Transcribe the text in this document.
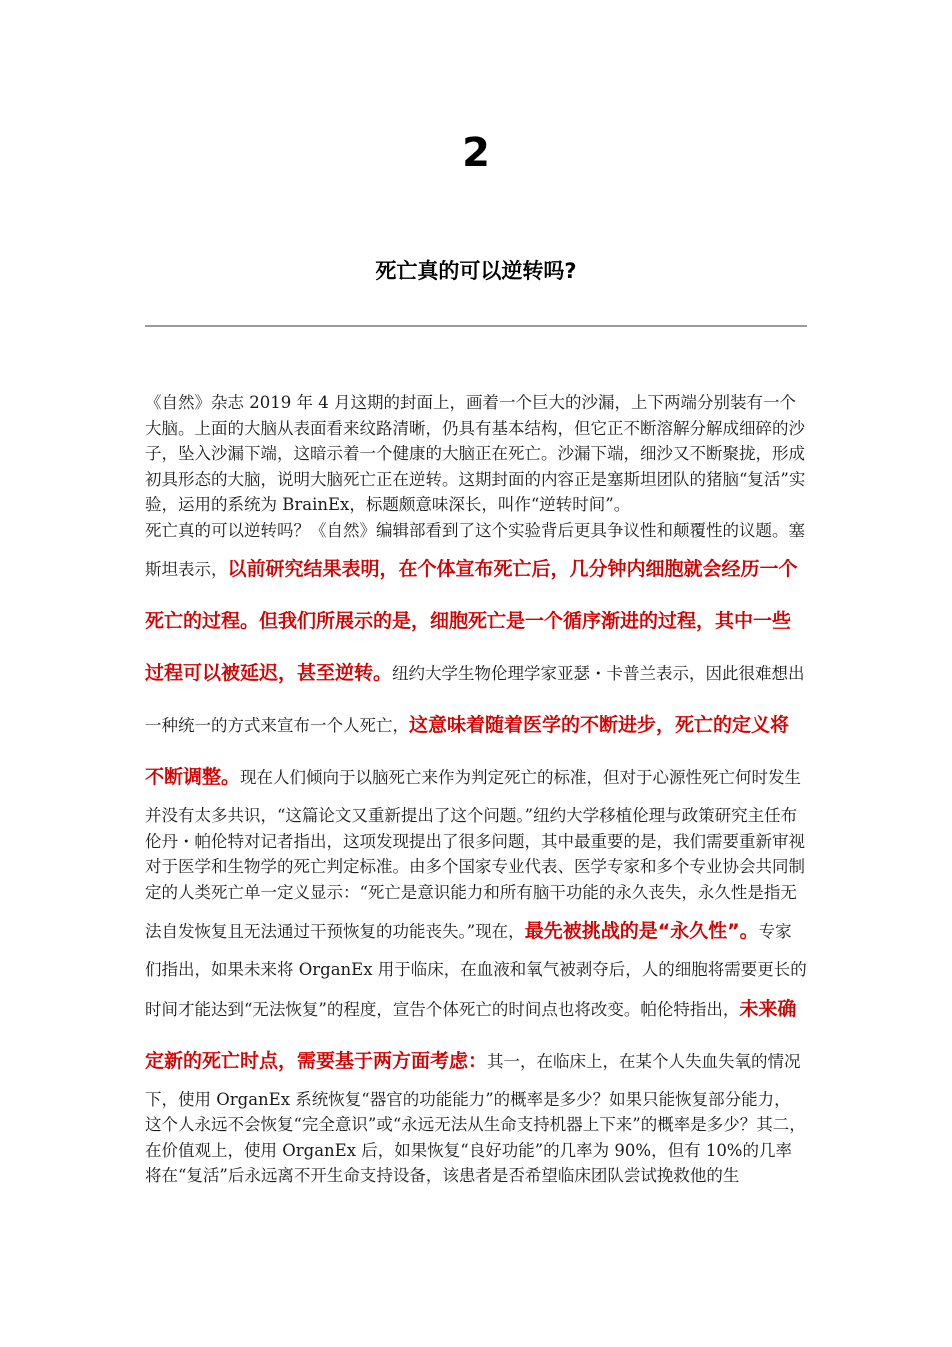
2
死亡真的可以逆转吗?

《自然》杂志 2019 年 4 月这期的封面上，画着一个巨大的沙漏，上下两端分别装有一个大脑。上面的大脑从表面看来纹路清晰，仍具有基本结构，但它正不断溶解分解成细碎的沙子，坠入沙漏下端，这暗示着一个健康的大脑正在死亡。沙漏下端，细沙又不断聚拢，形成初具形态的大脑，说明大脑死亡正在逆转。这期封面的内容正是塞斯坦团队的猪脑“复活”实验，运用的系统为 BrainEx，标题颇意味深长，叫作“逆转时间”。

死亡真的可以逆转吗？《自然》编辑部看到了这个实验背后更具争议性和颠覆性的议题。塞斯坦表示，以前研究结果表明，在个体宣布死亡后，几分钟内细胞就会经历一个死亡的过程。但我们所展示的是，细胞死亡是一个循序渐进的过程，其中一些过程可以被延迟，甚至逆转。纽约大学生物伦理学家亚瑟・卡普兰表示，因此很难想出一种统一的方式来宣布一个人死亡，这意味着随着医学的不断进步，死亡的定义将不断调整。现在人们倾向于以脑死亡来作为判定死亡的标准，但对于心源性死亡何时发生并没有太多共识，“这篇论文又重新提出了这个问题。”纽约大学移植伦理与政策研究主任布伦丹・帕伦特对记者指出，这项发现提出了很多问题，其中最重要的是，我们需要重新审视对于医学和生物学的死亡判定标准。由多个国家专业代表、医学专家和多个专业协会共同制定的人类死亡单一定义显示：“死亡是意识能力和所有脑干功能的永久丧失，永久性是指无法自发恢复且无法通过干预恢复的功能丧失。”现在，最先被挑战的是“永久性”。专家们指出，如果未来将 OrganEx 用于临床，在血液和氧气被剥夺后，人的细胞将需要更长的时间才能达到“无法恢复”的程度，宣告个体死亡的时间点也将改变。帕伦特指出，未来确定新的死亡时点，需要基于两方面考虑：其一，在临床上，在某个人失血失氧的情况下，使用 OrganEx 系统恢复“器官的功能能力”的概率是多少？如果只能恢复部分能力，这个人永远不会恢复“完全意识”或“永远无法从生命支持机器上下来”的概率是多少？其二，在价值观上，使用 OrganEx 后，如果恢复“良好功能”的几率为 90%，但有 10%的几率将在“复活”后永远离不开生命支持设备，该患者是否希望临床团队尝试挽救他的生
